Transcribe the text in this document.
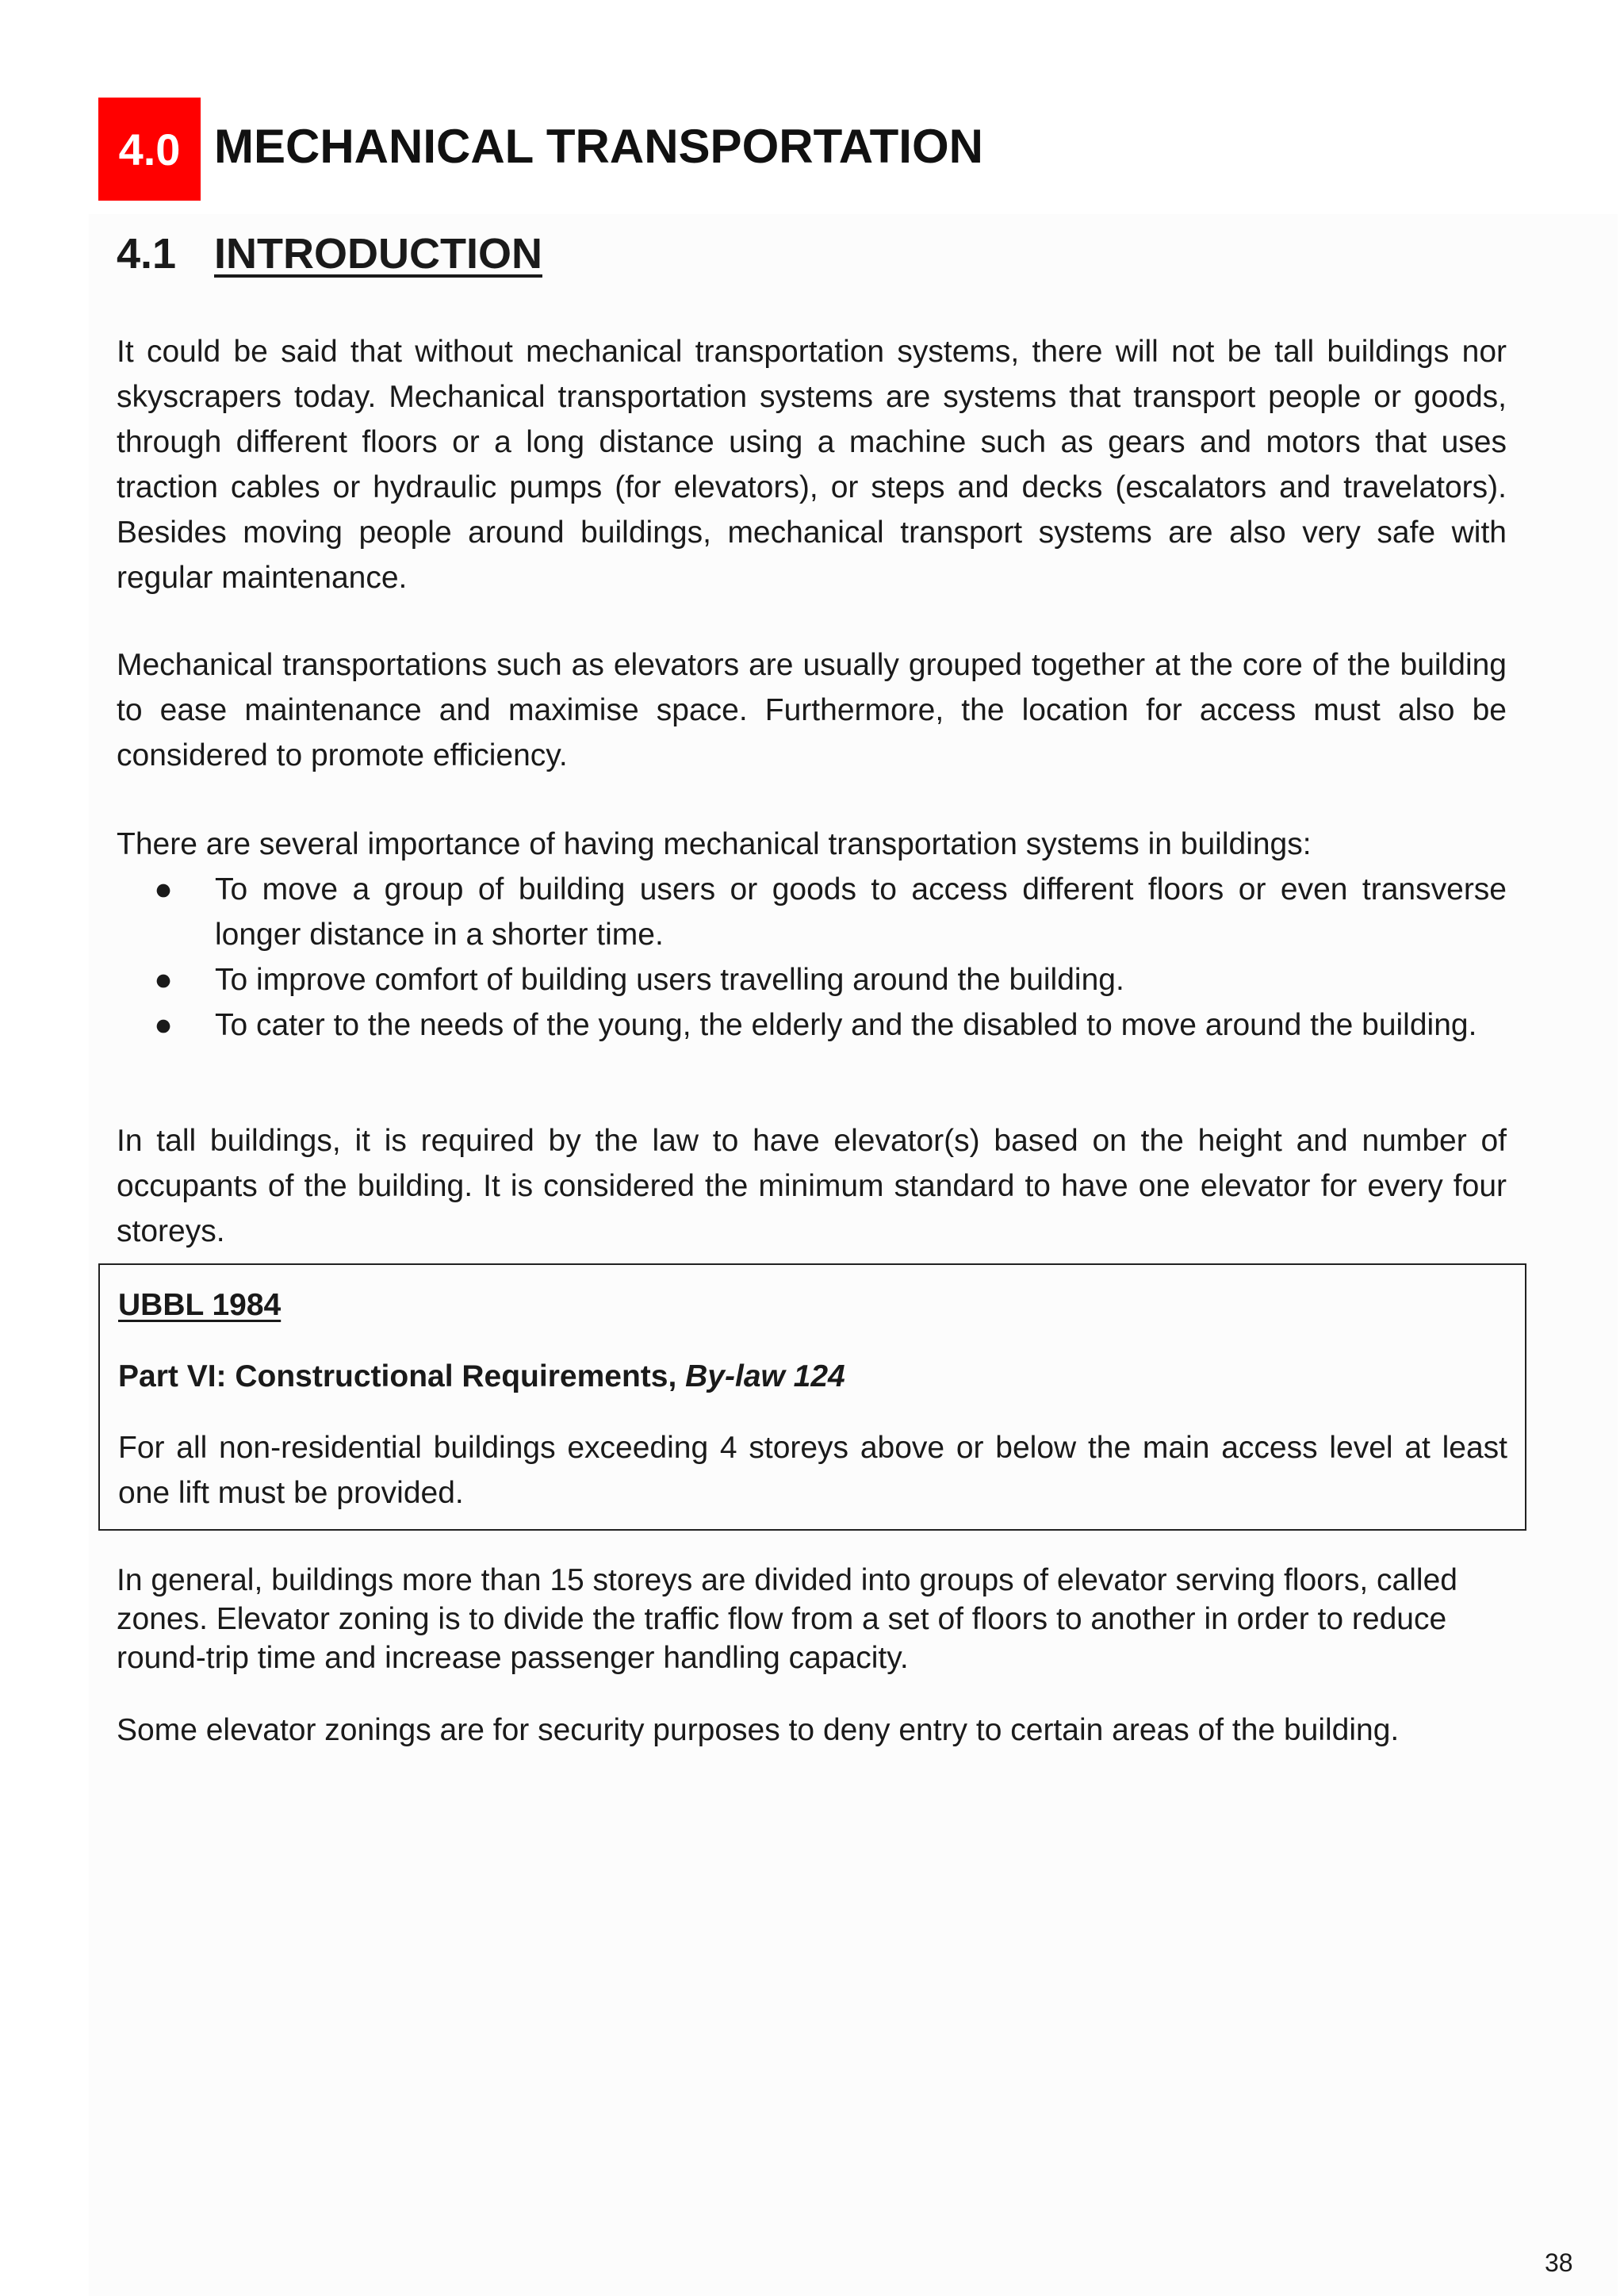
4.0 MECHANICAL TRANSPORTATION
4.1 INTRODUCTION

It could be said that without mechanical transportation systems, there will not be tall buildings nor skyscrapers today. Mechanical transportation systems are systems that transport people or goods, through different floors or a long distance using a machine such as gears and motors that uses traction cables or hydraulic pumps (for elevators), or steps and decks (escalators and travelators). Besides moving people around buildings, mechanical transport systems are also very safe with regular maintenance.

Mechanical transportations such as elevators are usually grouped together at the core of the building to ease maintenance and maximise space. Furthermore, the location for access must also be considered to promote efficiency.

There are several importance of having mechanical transportation systems in buildings:

● To move a group of building users or goods to access different floors or even transverse longer distance in a shorter time.
● To improve comfort of building users travelling around the building.
● To cater to the needs of the young, the elderly and the disabled to move around the building.

In tall buildings, it is required by the law to have elevator(s) based on the height and number of occupants of the building. It is considered the minimum standard to have one elevator for every four storeys.

UBBL 1984
Part VI: Constructional Requirements, By-law 124

For all non-residential buildings exceeding 4 storeys above or below the main access level at least one lift must be provided.

In general, buildings more than 15 storeys are divided into groups of elevator serving floors, called zones. Elevator zoning is to divide the traffic flow from a set of floors to another in order to reduce round-trip time and increase passenger handling capacity.

Some elevator zonings are for security purposes to deny entry to certain areas of the building.

38
